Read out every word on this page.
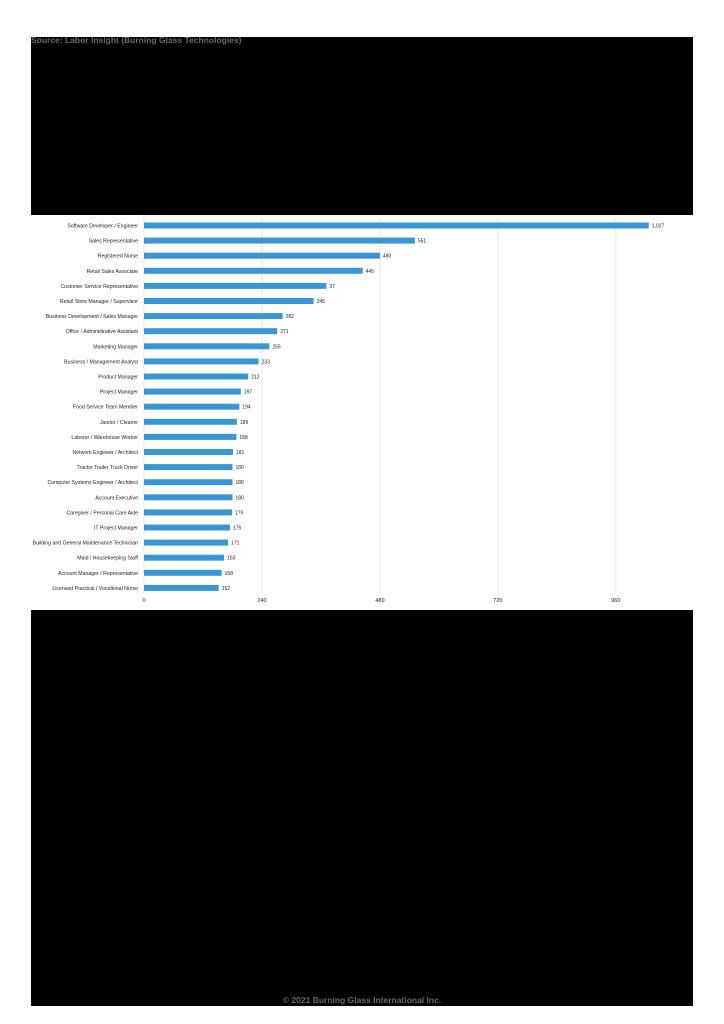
Source: Labor Insight (Burning Glass Technologies)
0	240	480	720	960
Software Developer / Engineer	1,027
Sales Representative	551
Registered Nurse	480
Retail Sales Associate	445
Customer Service Representative	37
Retail Store Manager / Supervisor	345
Business Development / Sales Manager	282
Office / Administrative Assistant	271
Marketing Manager	255
Business / Management Analyst	233
Product Manager	212
Project Manager	197
Food Service Team Member	194
Janitor / Cleaner	189
Laborer / Warehouse Worker	188
Network Engineer / Architect	181
Tractor Trailer Truck Driver	180
Computer Systems Engineer / Architect	180
Account Executive	180
Caregiver / Personal Care Aide	179
IT Project Manager	175
Building and General Maintenance Technician	171
Maid / Housekeeping Staff	163
Account Manager / Representative	158
Licensed Practical / Vocational Nurse	152
© 2021 Burning Glass International Inc.
